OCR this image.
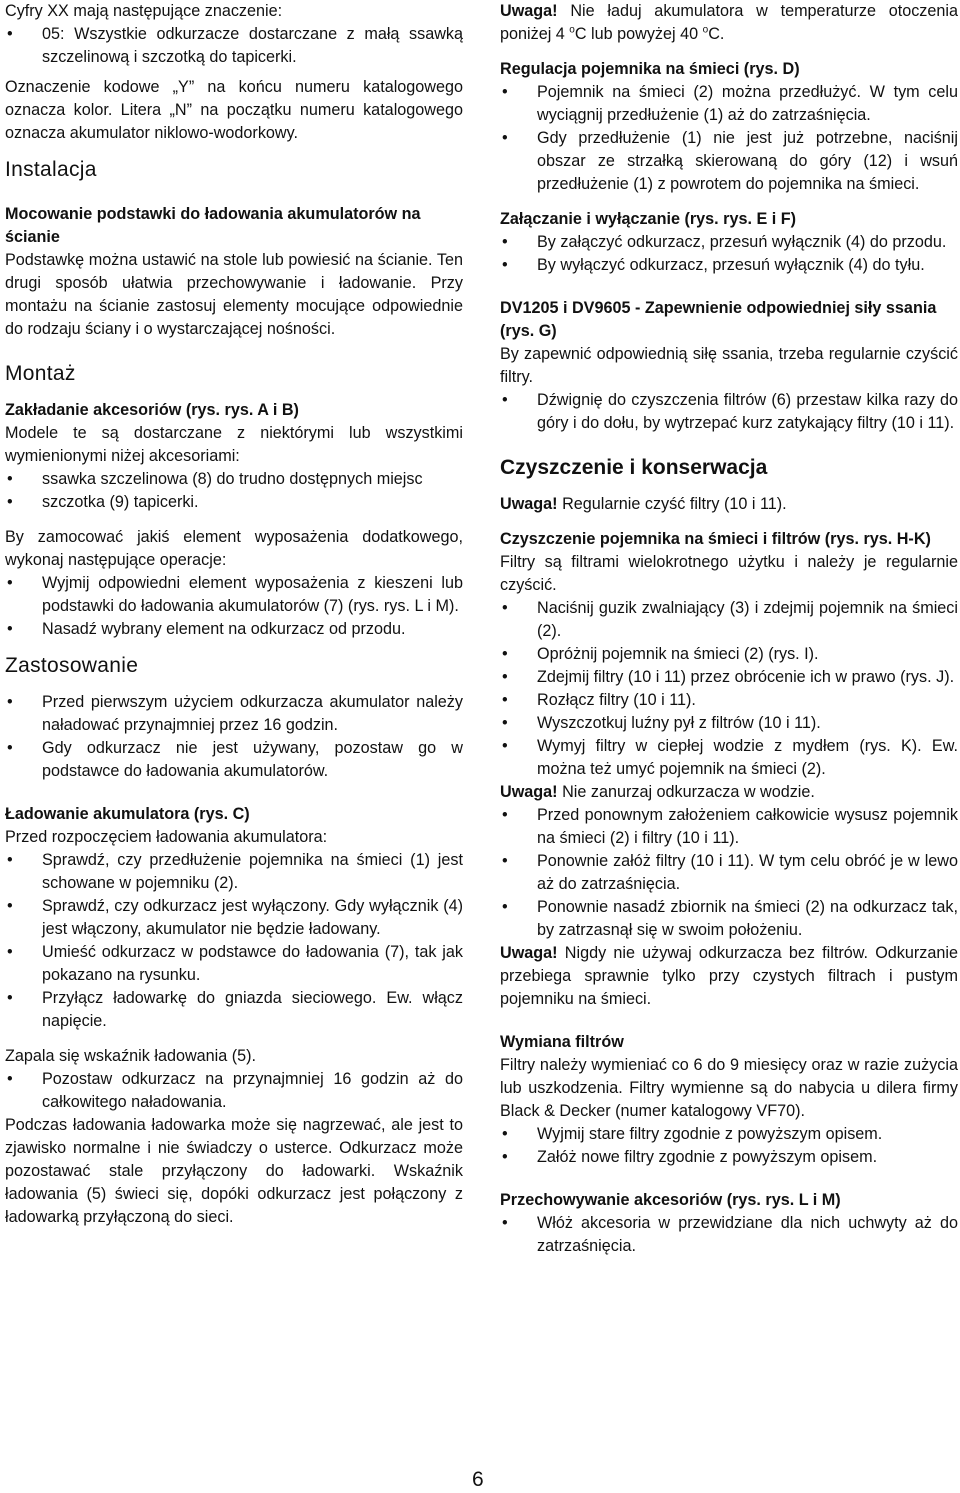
Cyfry XX mają następujące znaczenie:

• 05: Wszystkie odkurzacze dostarczane z małą ssawką szczelinową i szczotką do tapicerki.

Oznaczenie kodowe „Y” na końcu numeru katalogowego oznacza kolor. Litera „N” na początku numeru katalogowego oznacza akumulator niklowo-wodorkowy.

Instalacja

Mocowanie podstawki do ładowania akumulatorów na ścianie

Podstawkę można ustawić na stole lub powiesić na ścianie. Ten drugi sposób ułatwia przechowywanie i ładowanie. Przy montażu na ścianie zastosuj elementy mocujące odpowiednie do rodzaju ściany i o wystarczającej nośności.

Montaż

Zakładanie akcesoriów (rys. rys. A i B)

Modele te są dostarczane z niektórymi lub wszystkimi wymienionymi niżej akcesoriami:

• ssawka szczelinowa (8) do trudno dostępnych miejsc

• szczotka (9) tapicerki.

By zamocować jakiś element wyposażenia dodatkowego, wykonaj następujące operacje:

• Wyjmij odpowiedni element wyposażenia z kieszeni lub podstawki do ładowania akumulatorów (7) (rys. rys. L i M).

• Nasadź wybrany element na odkurzacz od przodu.

Zastosowanie

• Przed pierwszym użyciem odkurzacza akumulator należy naładować przynajmniej przez 16 godzin.

• Gdy odkurzacz nie jest używany, pozostaw go w podstawce do ładowania akumulatorów.

Ładowanie akumulatora (rys. C)

Przed rozpoczęciem ładowania akumulatora:

• Sprawdź, czy przedłużenie pojemnika na śmieci (1) jest schowane w pojemniku (2).

• Sprawdź, czy odkurzacz jest wyłączony. Gdy wyłącznik (4) jest włączony, akumulator nie będzie ładowany.

• Umieść odkurzacz w podstawce do ładowania (7), tak jak pokazano na rysunku.

• Przyłącz ładowarkę do gniazda sieciowego. Ew. włącz napięcie.

Zapala się wskaźnik ładowania (5).

• Pozostaw odkurzacz na przynajmniej 16 godzin aż do całkowitego naładowania.

Podczas ładowania ładowarka może się nagrzewać, ale jest to zjawisko normalne i nie świadczy o usterce. Odkurzacz może pozostawać stale przyłączony do ładowarki. Wskaźnik ładowania (5) świeci się, dopóki odkurzacz jest połączony z ładowarką przyłączoną do sieci.

Uwaga! Nie ładuj akumulatora w temperaturze otoczenia poniżej 4 $^o$C lub powyżej 40 $^o$C.

Regulacja pojemnika na śmieci (rys. D)

• Pojemnik na śmieci (2) można przedłużyć. W tym celu wyciągnij przedłużenie (1) aż do zatrzaśnięcia.

• Gdy przedłużenie (1) nie jest już potrzebne, naciśnij obszar ze strzałką skierowaną do góry (12) i wsuń przedłużenie (1) z powrotem do pojemnika na śmieci.

Załączanie i wyłączanie (rys. rys. E i F)

• By załączyć odkurzacz, przesuń wyłącznik (4) do przodu.

• By wyłączyć odkurzacz, przesuń wyłącznik (4) do tyłu.

DV1205 i DV9605 - Zapewnienie odpowiedniej siły ssania (rys. G)

By zapewnić odpowiednią siłę ssania, trzeba regularnie czyścić filtry.

• Dźwignię do czyszczenia filtrów (6) przestaw kilka razy do góry i do dołu, by wytrzepać kurz zatykający filtry (10 i 11).

Czyszczenie i konserwacja

Uwaga! Regularnie czyść filtry (10 i 11).

Czyszczenie pojemnika na śmieci i filtrów (rys. rys. H-K)

Filtry są filtrami wielokrotnego użytku i należy je regularnie czyścić.

• Naciśnij guzik zwalniający (3) i zdejmij pojemnik na śmieci (2).

• Opróżnij pojemnik na śmieci (2) (rys. I).

• Zdejmij filtry (10 i 11) przez obrócenie ich w prawo (rys. J).

• Rozłącz filtry (10 i 11).

• Wyszczotkuj luźny pył z filtrów (10 i 11).

• Wymyj filtry w ciepłej wodzie z mydłem (rys. K). Ew. można też umyć pojemnik na śmieci (2).

Uwaga! Nie zanurzaj odkurzacza w wodzie.

• Przed ponownym założeniem całkowicie wysusz pojemnik na śmieci (2) i filtry (10 i 11).

• Ponownie załóż filtry (10 i 11). W tym celu obróć je w lewo aż do zatrzaśnięcia.

• Ponownie nasadź zbiornik na śmieci (2) na odkurzacz tak, by zatrzasnął się w swoim położeniu.

Uwaga! Nigdy nie używaj odkurzacza bez filtrów. Odkurzanie przebiega sprawnie tylko przy czystych filtrach i pustym pojemniku na śmieci.

Wymiana filtrów

Filtry należy wymieniać co 6 do 9 miesięcy oraz w razie zużycia lub uszkodzenia. Filtry wymienne są do nabycia u dilera firmy Black & Decker (numer katalogowy VF70).

• Wyjmij stare filtry zgodnie z powyższym opisem.

• Załóż nowe filtry zgodnie z powyższym opisem.

Przechowywanie akcesoriów (rys. rys. L i M)

• Włóż akcesoria w przewidziane dla nich uchwyty aż do zatrzaśnięcia.

6
